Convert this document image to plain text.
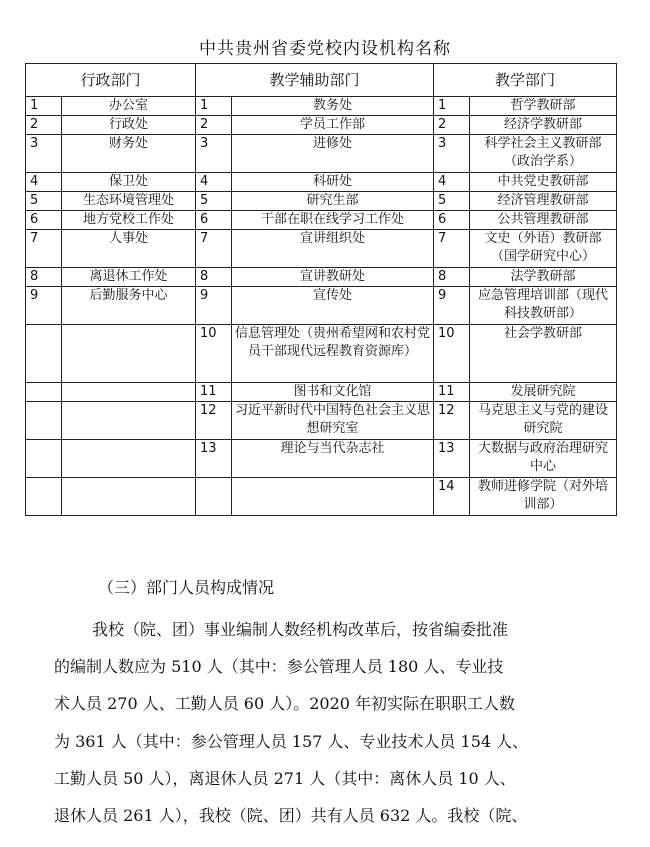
中共贵州省委党校内设机构名称
行政部门		教学辅助部门		教学部门	
1	办公室	1	教务处	1	哲学教研部
2	行政处	2	学员工作部	2	经济学教研部
3	财务处	3	进修处	3	科学社会主义教研部（政治学系）
4	保卫处	4	科研处	4	中共党史教研部
5	生态环境管理处	5	研究生部	5	经济管理教研部
6	地方党校工作处	6	干部在职在线学习工作处	6	公共管理教研部
7	人事处	7	宣讲组织处	7	文史（外语）教研部（国学研究中心）
8	离退休工作处	8	宣讲教研处	8	法学教研部
9	后勤服务中心	9	宣传处	9	应急管理培训部（现代科技教研部）
		10	信息管理处（贵州希望网和农村党员干部现代远程教育资源库）	10	社会学教研部
		11	图书和文化馆	11	发展研究院
		12	习近平新时代中国特色社会主义思想研究室	12	马克思主义与党的建设研究院
		13	理论与当代杂志社	13	大数据与政府治理研究中心
				14	教师进修学院（对外培训部）
（三）部门人员构成情况
我校（院、团）事业编制人数经机构改革后，按省编委批准
的编制人数应为 510 人（其中：参公管理人员 180 人、专业技
术人员 270 人、工勤人员 60 人）。2020 年初实际在职职工人数
为 361 人（其中：参公管理人员 157 人、专业技术人员 154 人、
工勤人员 50 人），离退休人员 271 人（其中：离休人员 10 人、
退休人员 261 人），我校（院、团）共有人员 632 人。我校（院、
